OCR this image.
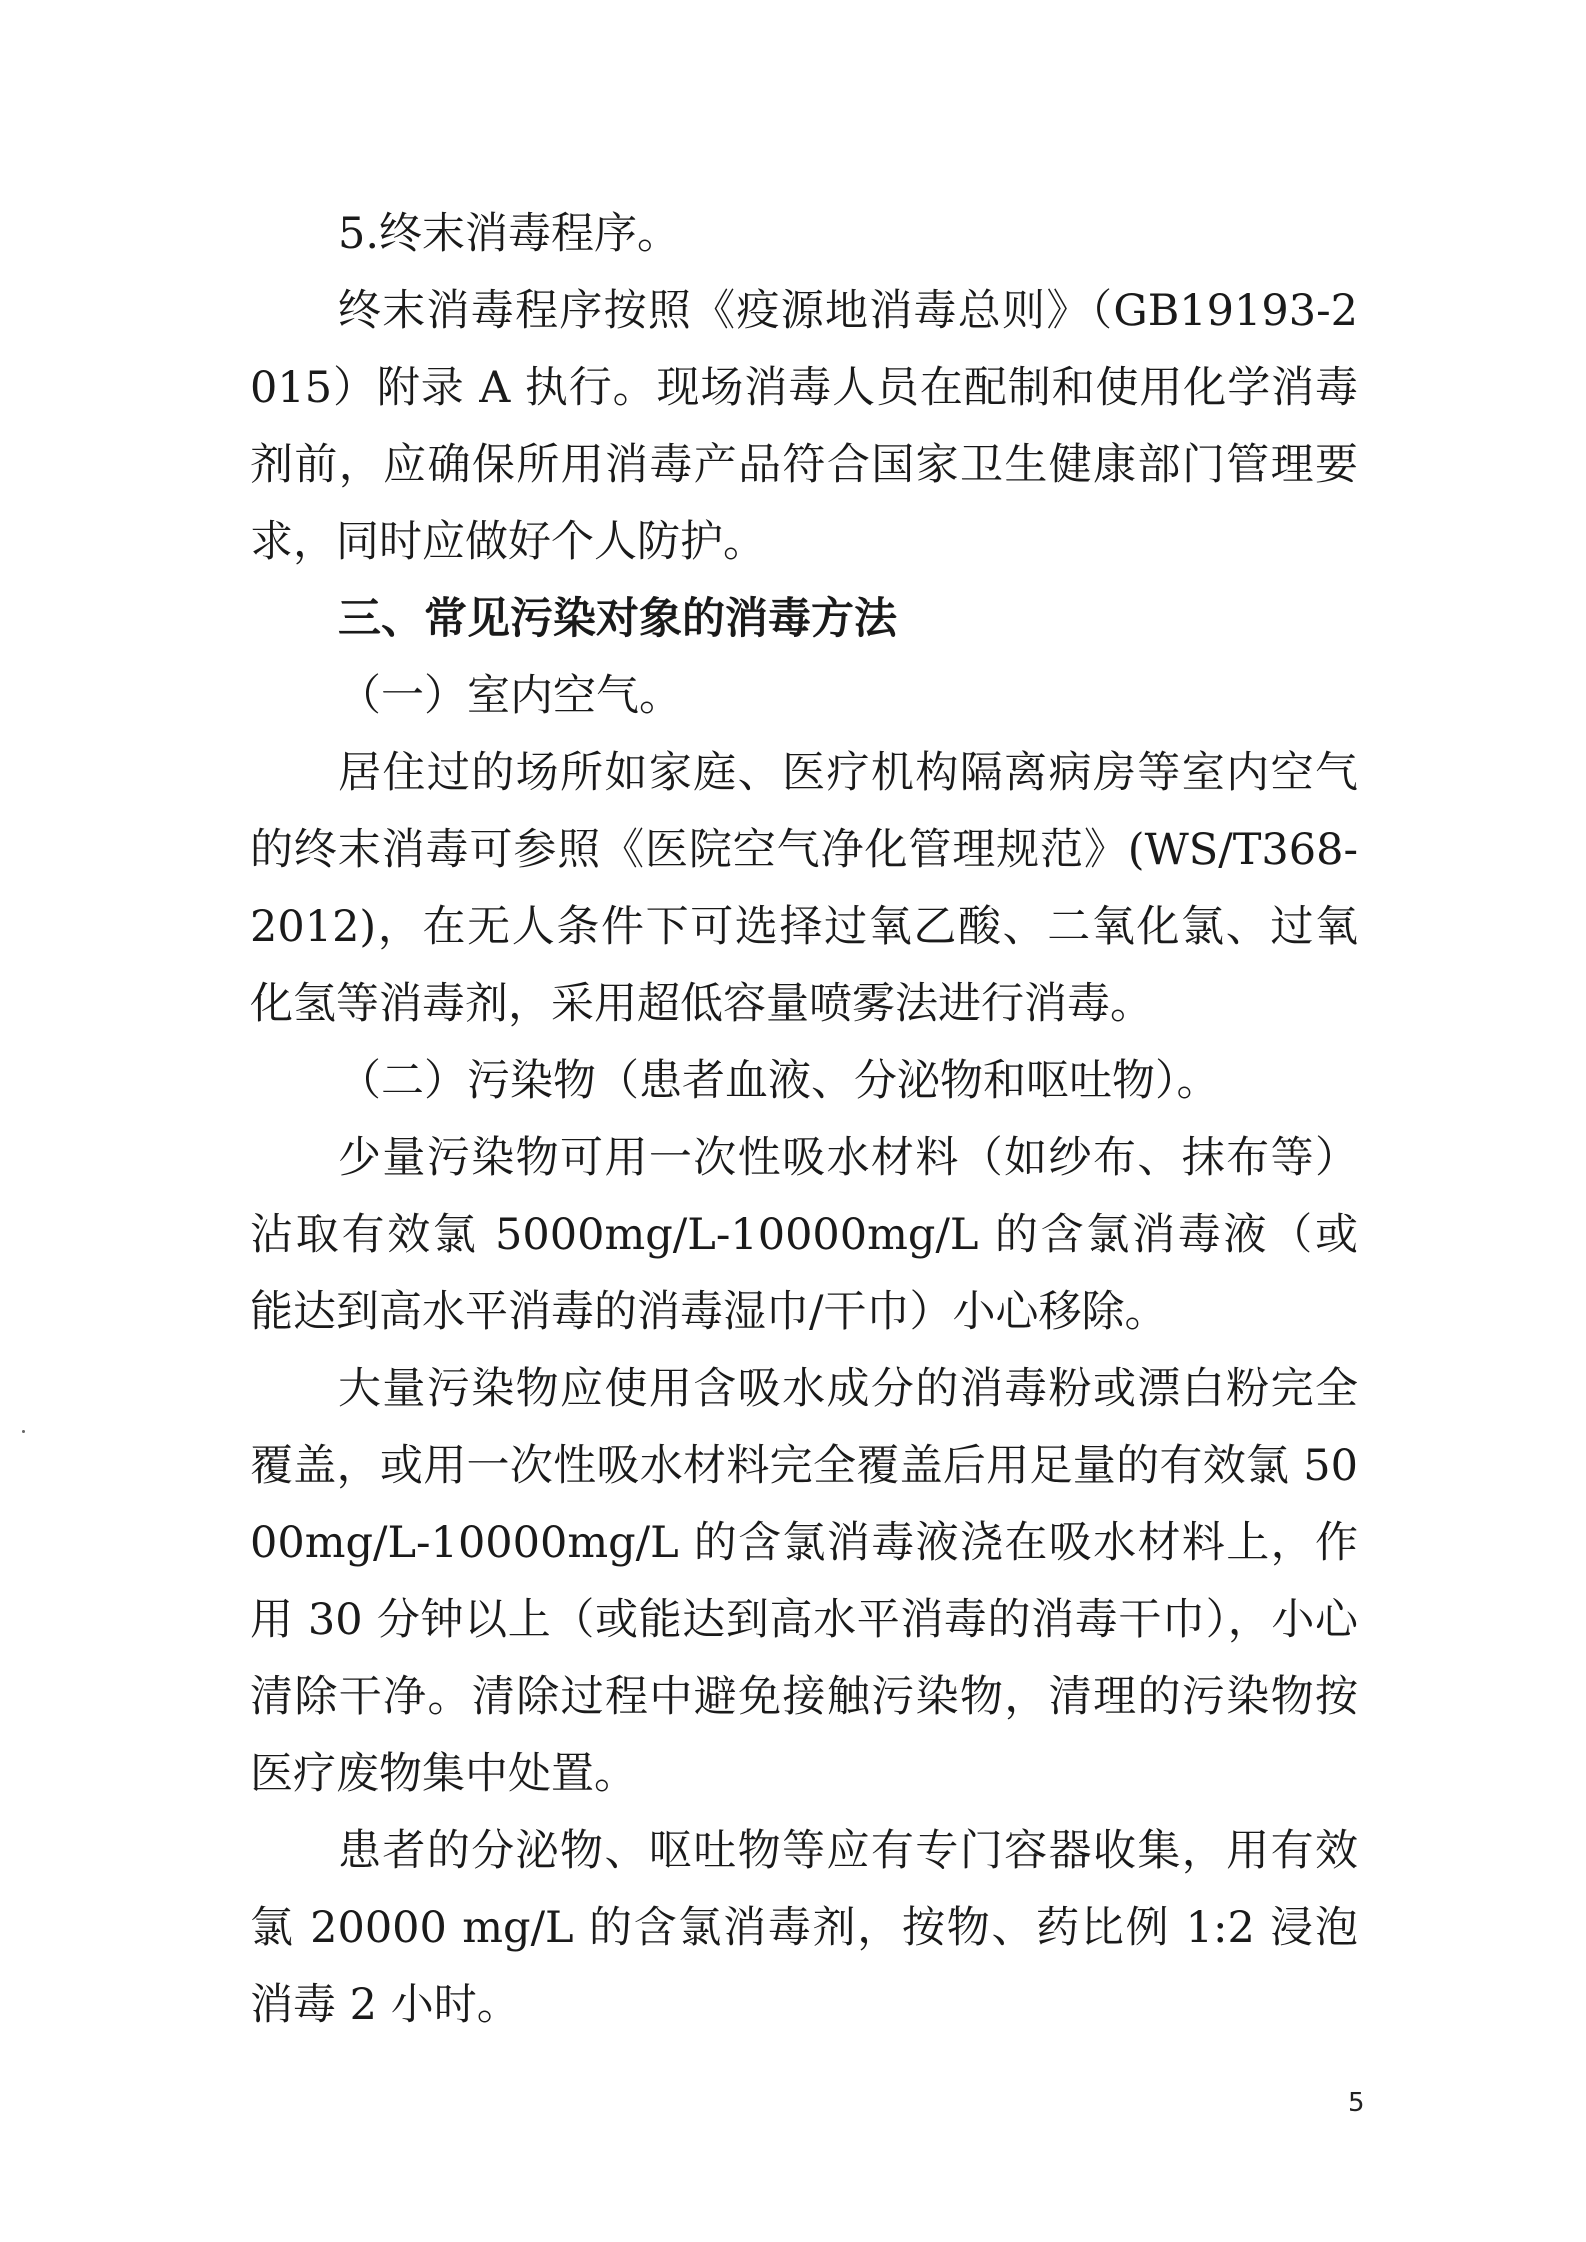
5.终末消毒程序。

终末消毒程序按照《疫源地消毒总则》（GB19193-2015）附录 A 执行。现场消毒人员在配制和使用化学消毒剂前，应确保所用消毒产品符合国家卫生健康部门管理要求，同时应做好个人防护。

三、常见污染对象的消毒方法

（一）室内空气。

居住过的场所如家庭、医疗机构隔离病房等室内空气的终末消毒可参照《医院空气净化管理规范》(WS/T368-2012)，在无人条件下可选择过氧乙酸、二氧化氯、过氧化氢等消毒剂，采用超低容量喷雾法进行消毒。

（二）污染物（患者血液、分泌物和呕吐物）。

少量污染物可用一次性吸水材料（如纱布、抹布等）沾取有效氯 5000mg/L-10000mg/L 的含氯消毒液（或能达到高水平消毒的消毒湿巾/干巾）小心移除。

大量污染物应使用含吸水成分的消毒粉或漂白粉完全覆盖，或用一次性吸水材料完全覆盖后用足量的有效氯 5000mg/L-10000mg/L 的含氯消毒液浇在吸水材料上，作用 30 分钟以上（或能达到高水平消毒的消毒干巾），小心清除干净。清除过程中避免接触污染物，清理的污染物按医疗废物集中处置。

患者的分泌物、呕吐物等应有专门容器收集，用有效氯 20000 mg/L 的含氯消毒剂，按物、药比例 1:2 浸泡消毒 2 小时。

5
